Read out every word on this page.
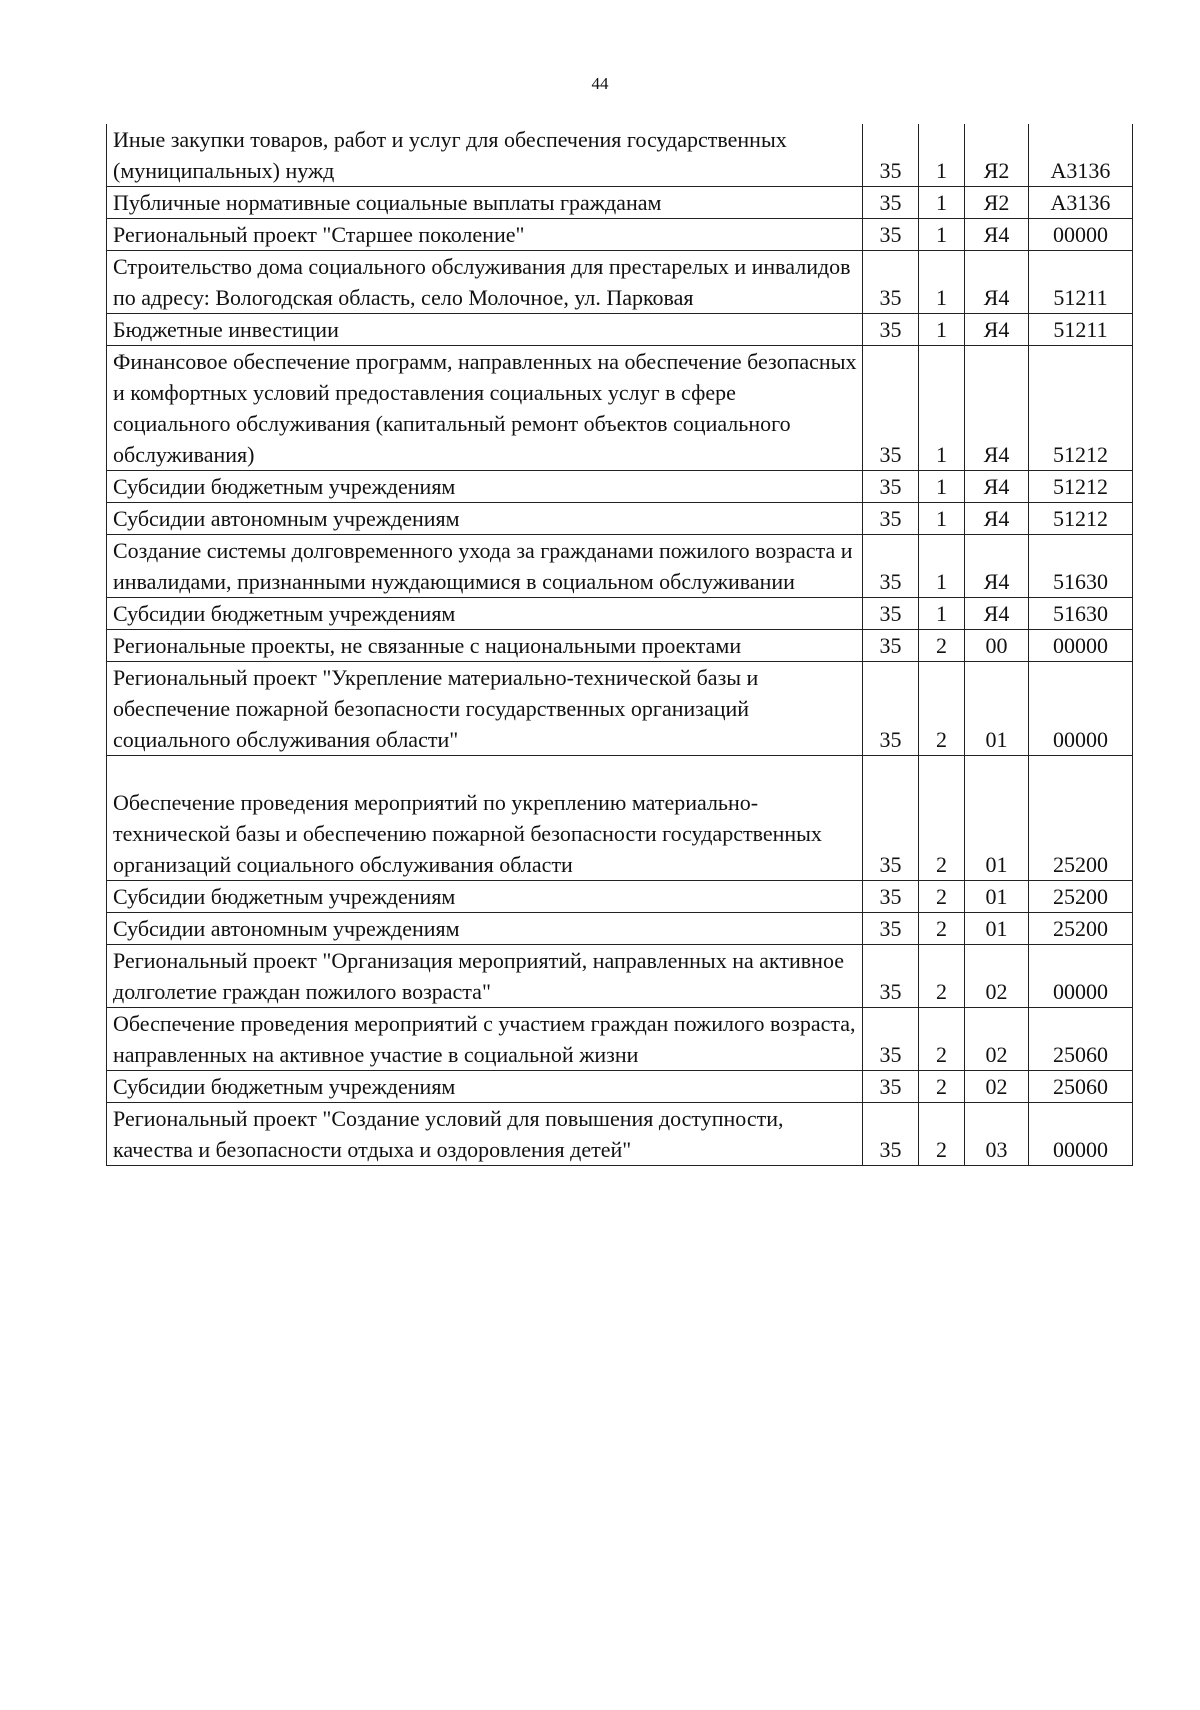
44
Иные закупки товаров, работ и услуг для обеспечения государственных (муниципальных) нужд	35	1	Я2	А3136
Публичные нормативные социальные выплаты гражданам	35	1	Я2	А3136
Региональный проект "Старшее поколение"	35	1	Я4	00000
Строительство дома социального обслуживания для престарелых и инвалидов по адресу: Вологодская область, село Молочное, ул. Парковая	35	1	Я4	51211
Бюджетные инвестиции	35	1	Я4	51211
Финансовое обеспечение программ, направленных на обеспечение безопасных и комфортных условий предоставления социальных услуг в сфере социального обслуживания (капитальный ремонт объектов социального обслуживания)	35	1	Я4	51212
Субсидии бюджетным учреждениям	35	1	Я4	51212
Субсидии автономным учреждениям	35	1	Я4	51212
Создание системы долговременного ухода за гражданами пожилого возраста и инвалидами, признанными нуждающимися в социальном обслуживании	35	1	Я4	51630
Субсидии бюджетным учреждениям	35	1	Я4	51630
Региональные проекты, не связанные с национальными проектами	35	2	00	00000
Региональный проект "Укрепление материально-технической базы и обеспечение пожарной безопасности государственных организаций социального обслуживания области"	35	2	01	00000
Обеспечение проведения мероприятий по укреплению материально-технической базы и обеспечению пожарной безопасности государственных организаций социального обслуживания области	35	2	01	25200
Субсидии бюджетным учреждениям	35	2	01	25200
Субсидии автономным учреждениям	35	2	01	25200
Региональный проект "Организация мероприятий, направленных на активное долголетие граждан пожилого возраста"	35	2	02	00000
Обеспечение проведения мероприятий с участием граждан пожилого возраста, направленных на активное участие в социальной жизни	35	2	02	25060
Субсидии бюджетным учреждениям	35	2	02	25060
Региональный проект "Создание условий для повышения доступности, качества и безопасности отдыха и оздоровления детей"	35	2	03	00000
